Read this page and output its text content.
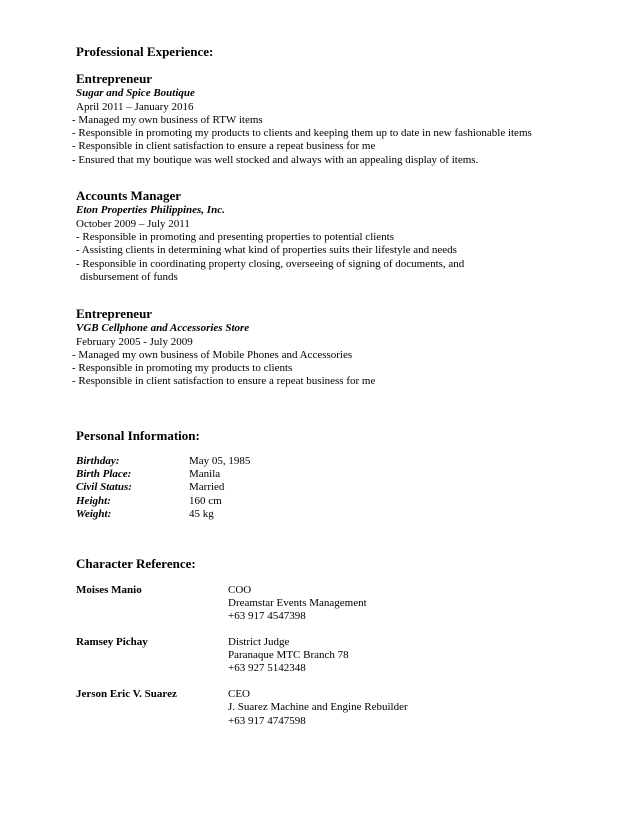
Professional Experience:
Entrepreneur
Sugar and Spice Boutique
April 2011 – January 2016
- Managed my own business of RTW items
- Responsible in promoting my products to clients and keeping them up to date in new fashionable items
- Responsible in client satisfaction to ensure a repeat business for me
- Ensured that my boutique was well stocked and always with an appealing display of items.
Accounts Manager
Eton Properties Philippines, Inc.
October 2009 – July 2011
- Responsible in promoting and presenting properties to potential clients
- Assisting clients in determining what kind of properties suits their lifestyle and needs
- Responsible in coordinating property closing, overseeing of signing of documents, and
disbursement of funds
Entrepreneur
VGB Cellphone and Accessories Store
February 2005 - July 2009
- Managed my own business of Mobile Phones and Accessories
- Responsible in promoting my products to clients
- Responsible in client satisfaction to ensure a repeat business for me
Personal Information:
Birthday:	May 05, 1985
Birth Place:	Manila
Civil Status:	Married
Height:	160 cm
Weight:	45 kg
Character Reference:
Moises Manio	COO
Dreamstar Events Management
+63 917 4547398
Ramsey Pichay	District Judge
Paranaque MTC Branch 78
+63 927 5142348
Jerson Eric V. Suarez	CEO
J. Suarez Machine and Engine Rebuilder
+63 917 4747598
